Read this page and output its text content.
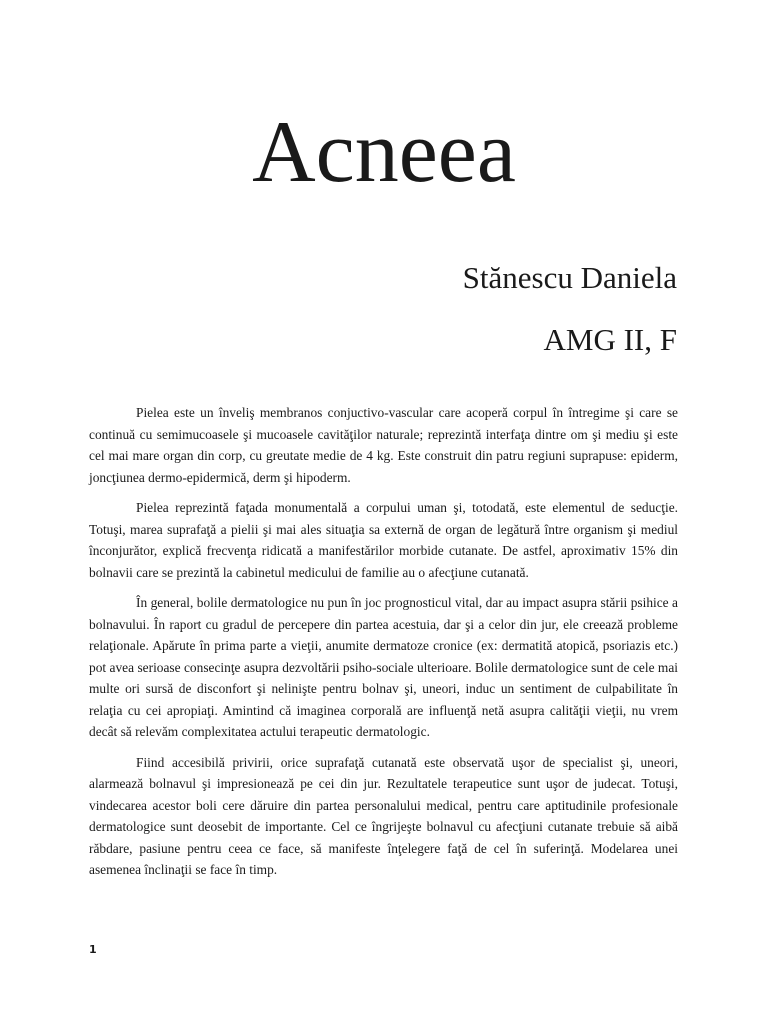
Acneea
Stănescu Daniela
AMG II, F

Pielea este un înveliş membranos conjuctivo-vascular care acoperă corpul în întregime şi care se continuă cu semimucoasele şi mucoasele cavităţilor naturale; reprezintă interfaţa dintre om şi mediu şi este cel mai mare organ din corp, cu greutate medie de 4 kg. Este construit din patru regiuni suprapuse: epiderm, joncţiunea dermo-epidermică, derm şi hipoderm.

Pielea reprezintă faţada monumentală a corpului uman şi, totodată, este elementul de seducţie. Totuşi, marea suprafaţă a pielii şi mai ales situaţia sa externă de organ de legătură între organism şi mediul înconjurător, explică frecvenţa ridicată a manifestărilor morbide cutanate. De astfel, aproximativ 15% din bolnavii care se prezintă la cabinetul medicului de familie au o afecţiune cutanată.

În general, bolile dermatologice nu pun în joc prognosticul vital, dar au impact asupra stării psihice a bolnavului. În raport cu gradul de percepere din partea acestuia, dar şi a celor din jur, ele creează probleme relaţionale. Apărute în prima parte a vieţii, anumite dermatoze cronice (ex: dermatită atopică, psoriazis etc.) pot avea serioase consecinţe asupra dezvoltării psiho-sociale ulterioare. Bolile dermatologice sunt de cele mai multe ori sursă de disconfort şi nelinişte pentru bolnav şi, uneori, induc un sentiment de culpabilitate în relaţia cu cei apropiaţi. Amintind că imaginea corporală are influenţă netă asupra calităţii vieţii, nu vrem decât să relevăm complexitatea actului terapeutic dermatologic.

Fiind accesibilă privirii, orice suprafaţă cutanată este observată uşor de specialist şi, uneori, alarmează bolnavul şi impresionează pe cei din jur. Rezultatele terapeutice sunt uşor de judecat. Totuşi, vindecarea acestor boli cere dăruire din partea personalului medical, pentru care aptitudinile profesionale dermatologice sunt deosebit de importante. Cel ce îngrijeşte bolnavul cu afecţiuni cutanate trebuie să aibă răbdare, pasiune pentru ceea ce face, să manifeste înţelegere faţă de cel în suferinţă. Modelarea unei asemenea înclinaţii se face în timp.

1
